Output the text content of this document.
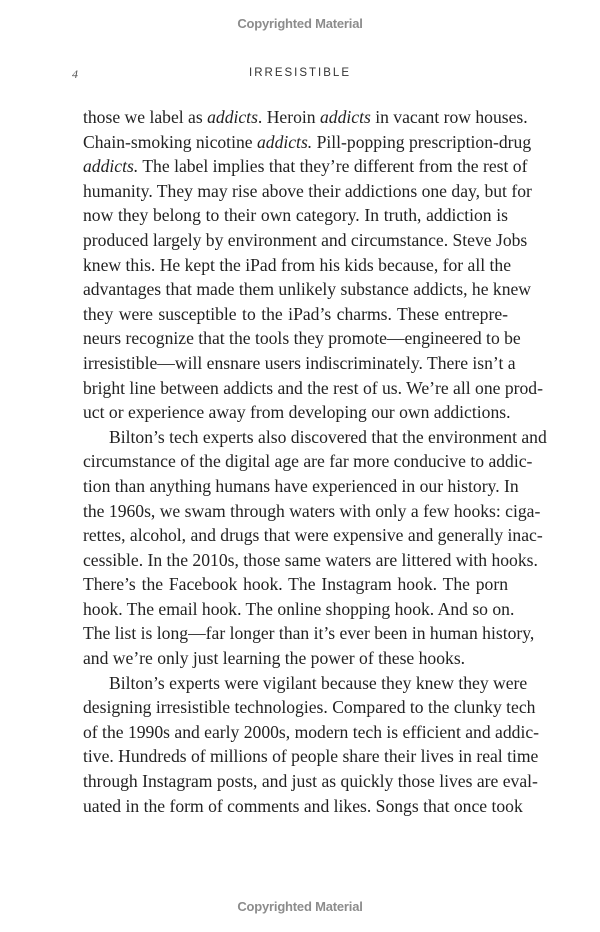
Copyrighted Material
4	IRRESISTIBLE

those we label as addicts. Heroin addicts in vacant row houses.
Chain-smoking nicotine addicts. Pill-popping prescription-drug
addicts. The label implies that they’re different from the rest of
humanity. They may rise above their addictions one day, but for
now they belong to their own category. In truth, addiction is
produced largely by environment and circumstance. Steve Jobs
knew this. He kept the iPad from his kids because, for all the
advantages that made them unlikely substance addicts, he knew
they were susceptible to the iPad’s charms. These entrepre-
neurs recognize that the tools they promote—engineered to be
irresistible—will ensnare users indiscriminately. There isn’t a
bright line between addicts and the rest of us. We’re all one prod-
uct or experience away from developing our own addictions.

Bilton’s tech experts also discovered that the environment and
circumstance of the digital age are far more conducive to addic-
tion than anything humans have experienced in our history. In
the 1960s, we swam through waters with only a few hooks: ciga-
rettes, alcohol, and drugs that were expensive and generally inac-
cessible. In the 2010s, those same waters are littered with hooks.
There’s the Facebook hook. The Instagram hook. The porn
hook. The email hook. The online shopping hook. And so on.
The list is long—far longer than it’s ever been in human history,
and we’re only just learning the power of these hooks.

Bilton’s experts were vigilant because they knew they were
designing irresistible technologies. Compared to the clunky tech
of the 1990s and early 2000s, modern tech is efficient and addic-
tive. Hundreds of millions of people share their lives in real time
through Instagram posts, and just as quickly those lives are eval-
uated in the form of comments and likes. Songs that once took

Copyrighted Material
